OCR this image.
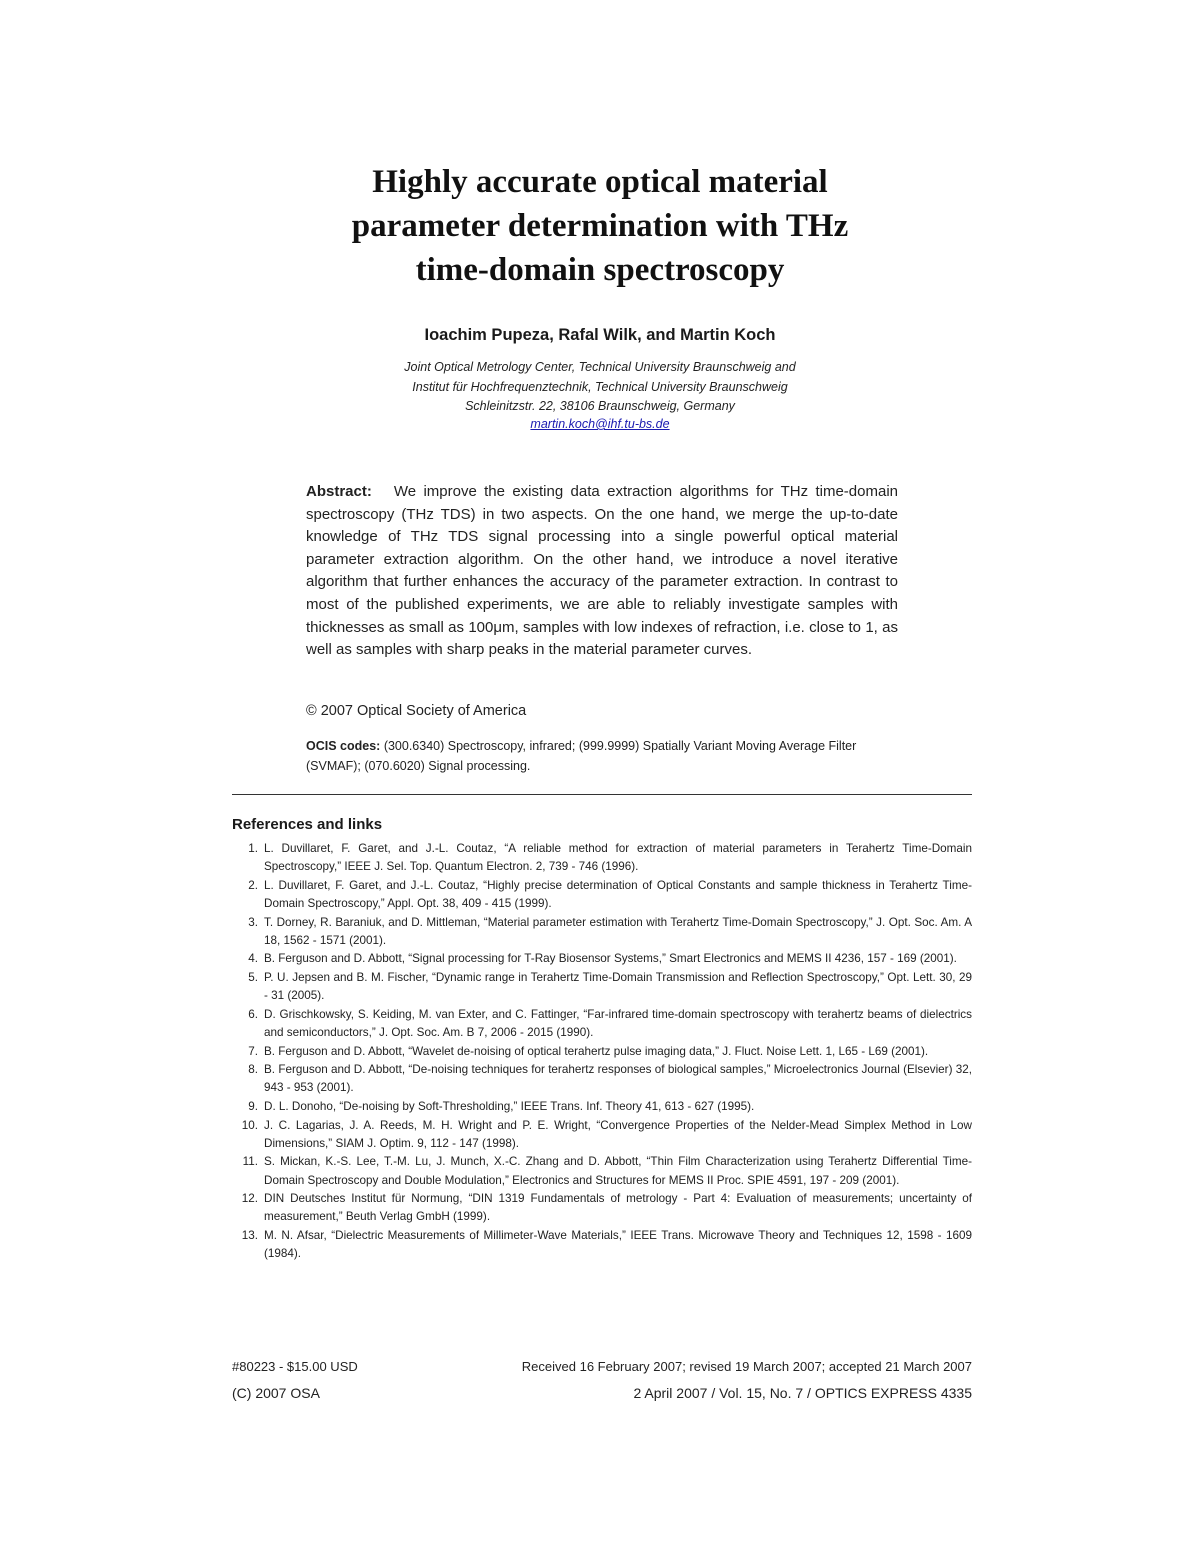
Highly accurate optical material
parameter determination with THz
time-domain spectroscopy
Ioachim Pupeza, Rafal Wilk, and Martin Koch
Joint Optical Metrology Center, Technical University Braunschweig and
Institut für Hochfrequenztechnik, Technical University Braunschweig
Schleinitzstr. 22, 38106 Braunschweig, Germany
martin.koch@ihf.tu-bs.de
Abstract: We improve the existing data extraction algorithms for THz time-domain spectroscopy (THz TDS) in two aspects. On the one hand, we merge the up-to-date knowledge of THz TDS signal processing into a single powerful optical material parameter extraction algorithm. On the other hand, we introduce a novel iterative algorithm that further enhances the accuracy of the parameter extraction. In contrast to most of the published experiments, we are able to reliably investigate samples with thicknesses as small as 100μm, samples with low indexes of refraction, i.e. close to 1, as well as samples with sharp peaks in the material parameter curves.
© 2007 Optical Society of America
OCIS codes: (300.6340) Spectroscopy, infrared; (999.9999) Spatially Variant Moving Average Filter (SVMAF); (070.6020) Signal processing.
References and links
1. L. Duvillaret, F. Garet, and J.-L. Coutaz, “A reliable method for extraction of material parameters in Terahertz Time-Domain Spectroscopy,” IEEE J. Sel. Top. Quantum Electron. 2, 739 - 746 (1996).
2. L. Duvillaret, F. Garet, and J.-L. Coutaz, “Highly precise determination of Optical Constants and sample thickness in Terahertz Time-Domain Spectroscopy,” Appl. Opt. 38, 409 - 415 (1999).
3. T. Dorney, R. Baraniuk, and D. Mittleman, “Material parameter estimation with Terahertz Time-Domain Spectroscopy,” J. Opt. Soc. Am. A 18, 1562 - 1571 (2001).
4. B. Ferguson and D. Abbott, “Signal processing for T-Ray Biosensor Systems,” Smart Electronics and MEMS II 4236, 157 - 169 (2001).
5. P. U. Jepsen and B. M. Fischer, “Dynamic range in Terahertz Time-Domain Transmission and Reflection Spectroscopy,” Opt. Lett. 30, 29 - 31 (2005).
6. D. Grischkowsky, S. Keiding, M. van Exter, and C. Fattinger, “Far-infrared time-domain spectroscopy with terahertz beams of dielectrics and semiconductors,” J. Opt. Soc. Am. B 7, 2006 - 2015 (1990).
7. B. Ferguson and D. Abbott, “Wavelet de-noising of optical terahertz pulse imaging data,” J. Fluct. Noise Lett. 1, L65 - L69 (2001).
8. B. Ferguson and D. Abbott, “De-noising techniques for terahertz responses of biological samples,” Microelectronics Journal (Elsevier) 32, 943 - 953 (2001).
9. D. L. Donoho, “De-noising by Soft-Thresholding,” IEEE Trans. Inf. Theory 41, 613 - 627 (1995).
10. J. C. Lagarias, J. A. Reeds, M. H. Wright and P. E. Wright, “Convergence Properties of the Nelder-Mead Simplex Method in Low Dimensions,” SIAM J. Optim. 9, 112 - 147 (1998).
11. S. Mickan, K.-S. Lee, T.-M. Lu, J. Munch, X.-C. Zhang and D. Abbott, “Thin Film Characterization using Terahertz Differential Time-Domain Spectroscopy and Double Modulation,” Electronics and Structures for MEMS II Proc. SPIE 4591, 197 - 209 (2001).
12. DIN Deutsches Institut für Normung, “DIN 1319 Fundamentals of metrology - Part 4: Evaluation of measurements; uncertainty of measurement,” Beuth Verlag GmbH (1999).
13. M. N. Afsar, “Dielectric Measurements of Millimeter-Wave Materials,” IEEE Trans. Microwave Theory and Techniques 12, 1598 - 1609 (1984).
#80223 - $15.00 USD
(C) 2007 OSA
Received 16 February 2007; revised 19 March 2007; accepted 21 March 2007
2 April 2007 / Vol. 15, No. 7 / OPTICS EXPRESS 4335
